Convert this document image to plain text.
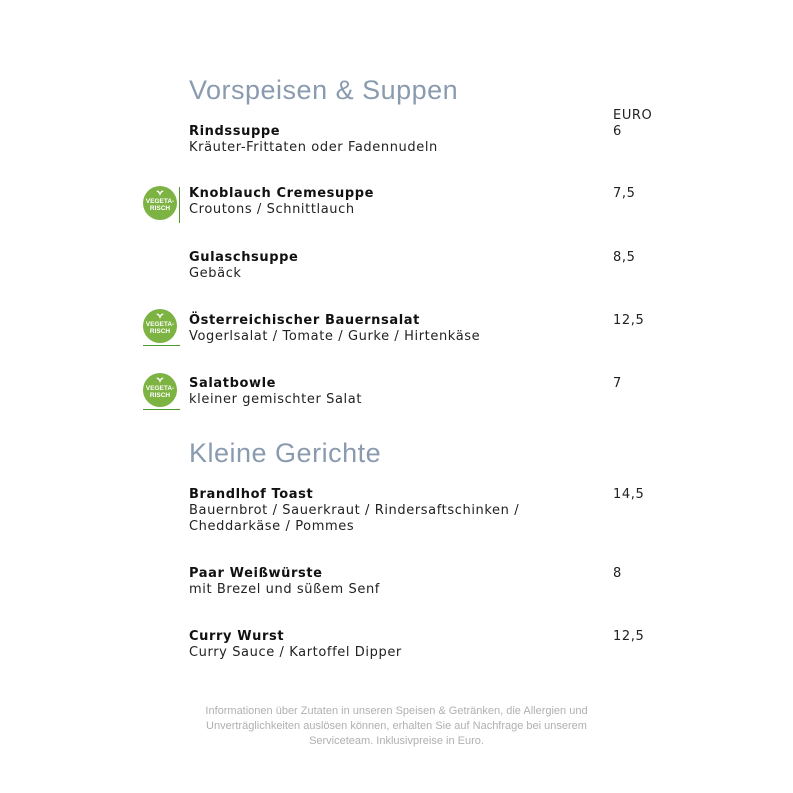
Vorspeisen & Suppen
EURO
Rindssuppe
Kräuter-Frittaten oder Fadennudeln
6
VEGETA-
RISCH
Knoblauch Cremesuppe
Croutons / Schnittlauch
7,5
Gulaschsuppe
Gebäck
8,5
VEGETA-
RISCH
Österreichischer Bauernsalat
Vogerlsalat / Tomate / Gurke / Hirtenkäse
12,5
VEGETA-
RISCH
Salatbowle
kleiner gemischter Salat
7
Kleine Gerichte
Brandlhof Toast
Bauernbrot / Sauerkraut / Rindersaftschinken / Cheddarkäse / Pommes
14,5
Paar Weißwürste
mit Brezel und süßem Senf
8
Curry Wurst
Curry Sauce / Kartoffel Dipper
12,5

Informationen über Zutaten in unseren Speisen & Getränken, die Allergien und Unverträglichkeiten auslösen können, erhalten Sie auf Nachfrage bei unserem Serviceteam. Inklusivpreise in Euro.
